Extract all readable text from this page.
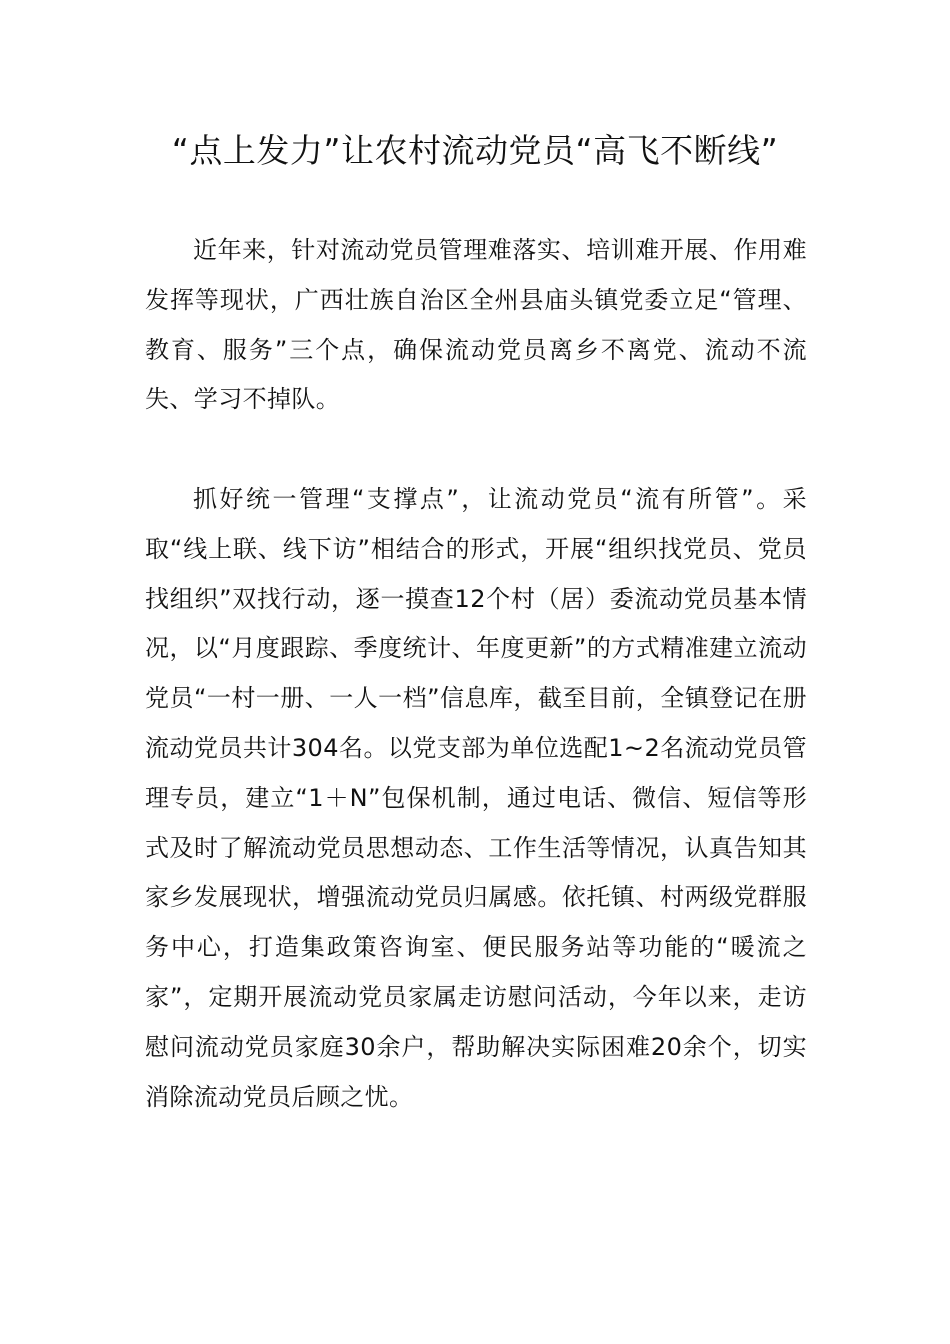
“点上发力”让农村流动党员“高飞不断线”

近年来，针对流动党员管理难落实、培训难开展、作用难发挥等现状，广西壮族自治区全州县庙头镇党委立足“管理、教育、服务”三个点，确保流动党员离乡不离党、流动不流失、学习不掉队。

抓好统一管理“支撑点”，让流动党员“流有所管”。采取“线上联、线下访”相结合的形式，开展“组织找党员、党员找组织”双找行动，逐一摸查12个村（居）委流动党员基本情况，以“月度跟踪、季度统计、年度更新”的方式精准建立流动党员“一村一册、一人一档”信息库，截至目前，全镇登记在册流动党员共计304名。以党支部为单位选配1~2名流动党员管理专员，建立“1＋N”包保机制，通过电话、微信、短信等形式及时了解流动党员思想动态、工作生活等情况，认真告知其家乡发展现状，增强流动党员归属感。依托镇、村两级党群服务中心，打造集政策咨询室、便民服务站等功能的“暖流之家”，定期开展流动党员家属走访慰问活动，今年以来，走访慰问流动党员家庭30余户，帮助解决实际困难20余个，切实消除流动党员后顾之忧。
